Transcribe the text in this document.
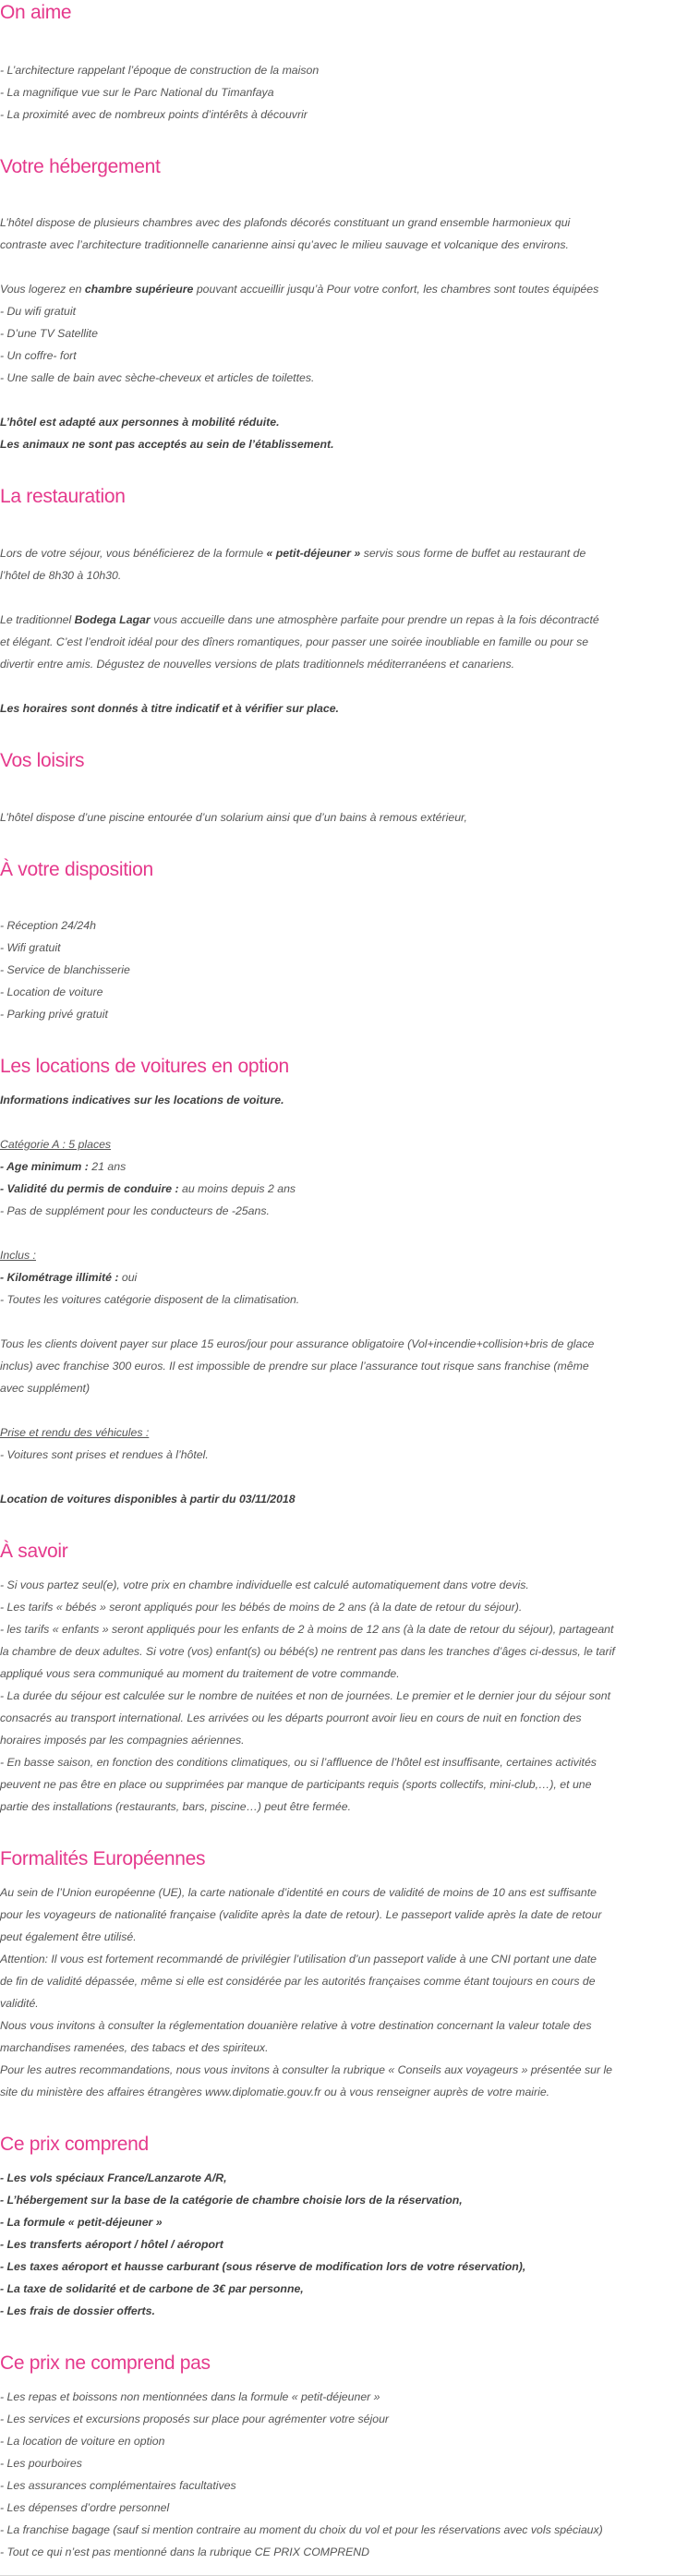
On aime
- L’architecture rappelant l’époque de construction de la maison
- La magnifique vue sur le Parc National du Timanfaya
- La proximité avec de nombreux points d’intérêts à découvrir
Votre hébergement
L’hôtel dispose de plusieurs chambres avec des plafonds décorés constituant un grand ensemble harmonieux qui
contraste avec l’architecture traditionnelle canarienne ainsi qu’avec le milieu sauvage et volcanique des environs.
Vous logerez en chambre supérieure pouvant accueillir jusqu’à Pour votre confort, les chambres sont toutes équipées
- Du wifi gratuit
- D’une TV Satellite
- Un coffre- fort
- Une salle de bain avec sèche-cheveux et articles de toilettes.
L’hôtel est adapté aux personnes à mobilité réduite.
Les animaux ne sont pas acceptés au sein de l’établissement.
La restauration
Lors de votre séjour, vous bénéficierez de la formule « petit-déjeuner » servis sous forme de buffet au restaurant de
l’hôtel de 8h30 à 10h30.
Le traditionnel Bodega Lagar vous accueille dans une atmosphère parfaite pour prendre un repas à la fois décontracté
et élégant. C’est l’endroit idéal pour des dîners romantiques, pour passer une soirée inoubliable en famille ou pour se
divertir entre amis. Dégustez de nouvelles versions de plats traditionnels méditerranéens et canariens.
Les horaires sont donnés à titre indicatif et à vérifier sur place.
Vos loisirs
L’hôtel dispose d’une piscine entourée d’un solarium ainsi que d’un bains à remous extérieur,
À votre disposition
- Réception 24/24h
- Wifi gratuit
- Service de blanchisserie
- Location de voiture
- Parking privé gratuit
Les locations de voitures en option
Informations indicatives sur les locations de voiture.
Catégorie A : 5 places
- Age minimum : 21 ans
- Validité du permis de conduire : au moins depuis 2 ans
- Pas de supplément pour les conducteurs de -25ans.
Inclus :
- Kilométrage illimité : oui
- Toutes les voitures catégorie disposent de la climatisation.
Tous les clients doivent payer sur place 15 euros/jour pour assurance obligatoire (Vol+incendie+collision+bris de glace
inclus) avec franchise 300 euros. Il est impossible de prendre sur place l’assurance tout risque sans franchise (même
avec supplément)
Prise et rendu des véhicules :
- Voitures sont prises et rendues à l’hôtel.
Location de voitures disponibles à partir du 03/11/2018
À savoir
- Si vous partez seul(e), votre prix en chambre individuelle est calculé automatiquement dans votre devis.
- Les tarifs « bébés » seront appliqués pour les bébés de moins de 2 ans (à la date de retour du séjour).
- les tarifs « enfants » seront appliqués pour les enfants de 2 à moins de 12 ans (à la date de retour du séjour), partageant
la chambre de deux adultes. Si votre (vos) enfant(s) ou bébé(s) ne rentrent pas dans les tranches d’âges ci-dessus, le tarif
appliqué vous sera communiqué au moment du traitement de votre commande.
- La durée du séjour est calculée sur le nombre de nuitées et non de journées. Le premier et le dernier jour du séjour sont
consacrés au transport international. Les arrivées ou les départs pourront avoir lieu en cours de nuit en fonction des
horaires imposés par les compagnies aériennes.
- En basse saison, en fonction des conditions climatiques, ou si l’affluence de l’hôtel est insuffisante, certaines activités
peuvent ne pas être en place ou supprimées par manque de participants requis (sports collectifs, mini-club,…), et une
partie des installations (restaurants, bars, piscine…) peut être fermée.
Formalités Européennes
Au sein de l’Union européenne (UE), la carte nationale d’identité en cours de validité de moins de 10 ans est suffisante
pour les voyageurs de nationalité française (validite après la date de retour). Le passeport valide après la date de retour
peut également être utilisé.
Attention: Il vous est fortement recommandé de privilégier l’utilisation d’un passeport valide à une CNI portant une date
de fin de validité dépassée, même si elle est considérée par les autorités françaises comme étant toujours en cours de
validité.
Nous vous invitons à consulter la réglementation douanière relative à votre destination concernant la valeur totale des
marchandises ramenées, des tabacs et des spiriteux.
Pour les autres recommandations, nous vous invitons à consulter la rubrique « Conseils aux voyageurs » présentée sur le
site du ministère des affaires étrangères www.diplomatie.gouv.fr ou à vous renseigner auprès de votre mairie.
Ce prix comprend
- Les vols spéciaux France/Lanzarote A/R,
- L’hébergement sur la base de la catégorie de chambre choisie lors de la réservation,
- La formule « petit-déjeuner »
- Les transferts aéroport / hôtel / aéroport
- Les taxes aéroport et hausse carburant (sous réserve de modification lors de votre réservation),
- La taxe de solidarité et de carbone de 3€ par personne,
- Les frais de dossier offerts.
Ce prix ne comprend pas
- Les repas et boissons non mentionnées dans la formule « petit-déjeuner »
- Les services et excursions proposés sur place pour agrémenter votre séjour
- La location de voiture en option
- Les pourboires
- Les assurances complémentaires facultatives
- Les dépenses d’ordre personnel
- La franchise bagage (sauf si mention contraire au moment du choix du vol et pour les réservations avec vols spéciaux)
- Tout ce qui n’est pas mentionné dans la rubrique CE PRIX COMPREND
